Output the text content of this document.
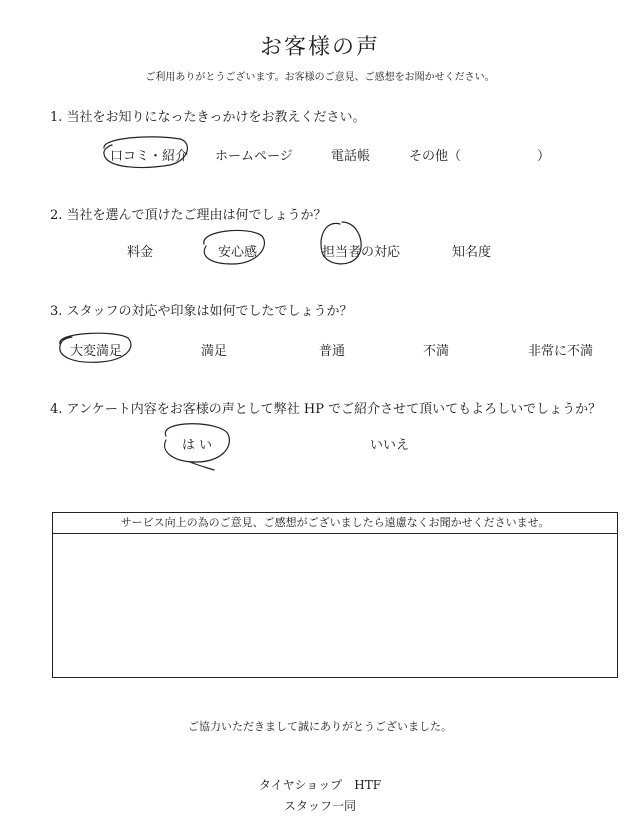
お客様の声
ご利用ありがとうございます。お客様のご意見、ご感想をお聞かせください。
1. 当社をお知りになったきっかけをお教えください。
口コミ・紹介 ホームページ	電話帳	その他（	）
2. 当社を選んで頂けたご理由は何でしょうか？
料金	安心感	担当者の対応	知名度
3. スタッフの対応や印象は如何でしたでしょうか？
大変満足	満足	普通	不満	非常に不満
4. アンケート内容をお客様の声として弊社 HP でご紹介させて頂いてもよろしいでしょうか？
は い	いいえ
サービス向上の為のご意見、ご感想がございましたら遠慮なくお聞かせくださいませ。
ご協力いただきまして誠にありがとうございました。
タイヤショップ　HTF
スタッフ一同
